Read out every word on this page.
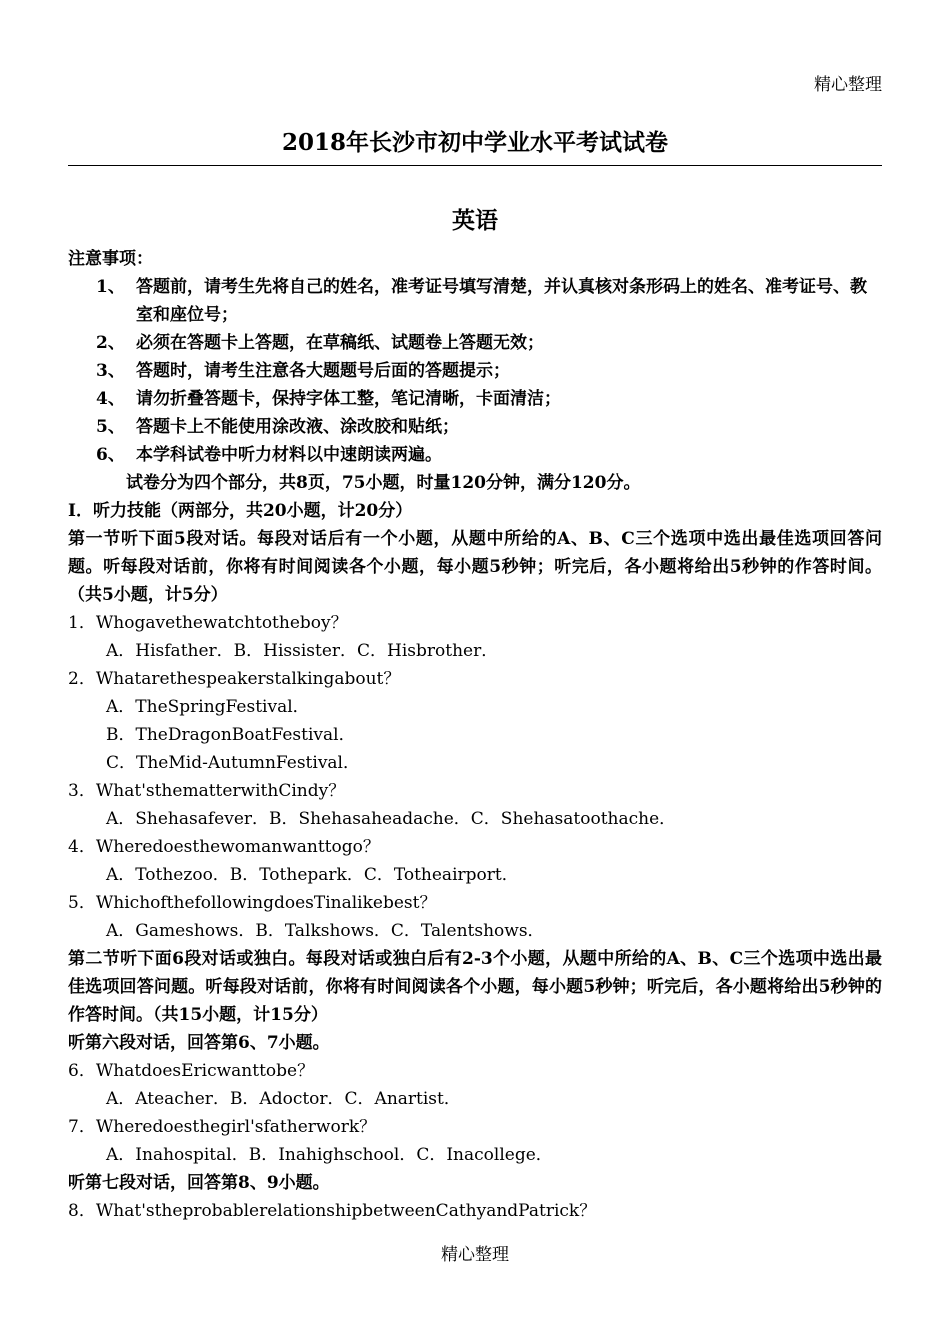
精心整理
2018年长沙市初中学业水平考试试卷
英语
注意事项：
1、 答题前，请考生先将自己的姓名，准考证号填写清楚，并认真核对条形码上的姓名、准考证号、教室和座位号；
2、 必须在答题卡上答题，在草稿纸、试题卷上答题无效；
3、 答题时，请考生注意各大题题号后面的答题提示；
4、 请勿折叠答题卡，保持字体工整，笔记清晰，卡面清洁；
5、 答题卡上不能使用涂改液、涂改胶和贴纸；
6、 本学科试卷中听力材料以中速朗读两遍。
试卷分为四个部分，共8页，75小题，时量120分钟，满分120分。
Ⅰ．听力技能（两部分，共20小题，计20分）
第一节听下面5段对话。每段对话后有一个小题，从题中所给的A、B、C三个选项中选出最佳选项回答问题。听每段对话前，你将有时间阅读各个小题，每小题5秒钟；听完后，各小题将给出5秒钟的作答时间。（共5小题，计5分）
1．Whogavethewatchtotheboy？
A．Hisfather．B．Hissister．C．Hisbrother．
2．Whatarethespeakerstalkingabout？
A．TheSpringFestival．
B．TheDragonBoatFestival．
C．TheMid-AutumnFestival．
3．What'sthematterwithCindy？
A．Shehasafever．B．Shehasaheadache．C．Shehasatoothache．
4．Wheredoesthewomanwanttogo？
A．Tothezoo．B．Tothepark．C．Totheairport．
5．WhichofthefollowingdoesTinalikebest？
A．Gameshows．B．Talkshows．C．Talentshows．
第二节听下面6段对话或独白。每段对话或独白后有2-3个小题，从题中所给的A、B、C三个选项中选出最佳选项回答问题。听每段对话前，你将有时间阅读各个小题，每小题5秒钟；听完后，各小题将给出5秒钟的作答时间。（共15小题，计15分）
听第六段对话，回答第6、7小题。
6．WhatdoesEricwanttobe？
A．Ateacher．B．Adoctor．C．Anartist．
7．Wheredoesthegirl'sfatherwork？
A．Inahospital．B．Inahighschool．C．Inacollege．
听第七段对话，回答第8、9小题。
8．What'stheprobablerelationshipbetweenCathyandPatrick？
精心整理
